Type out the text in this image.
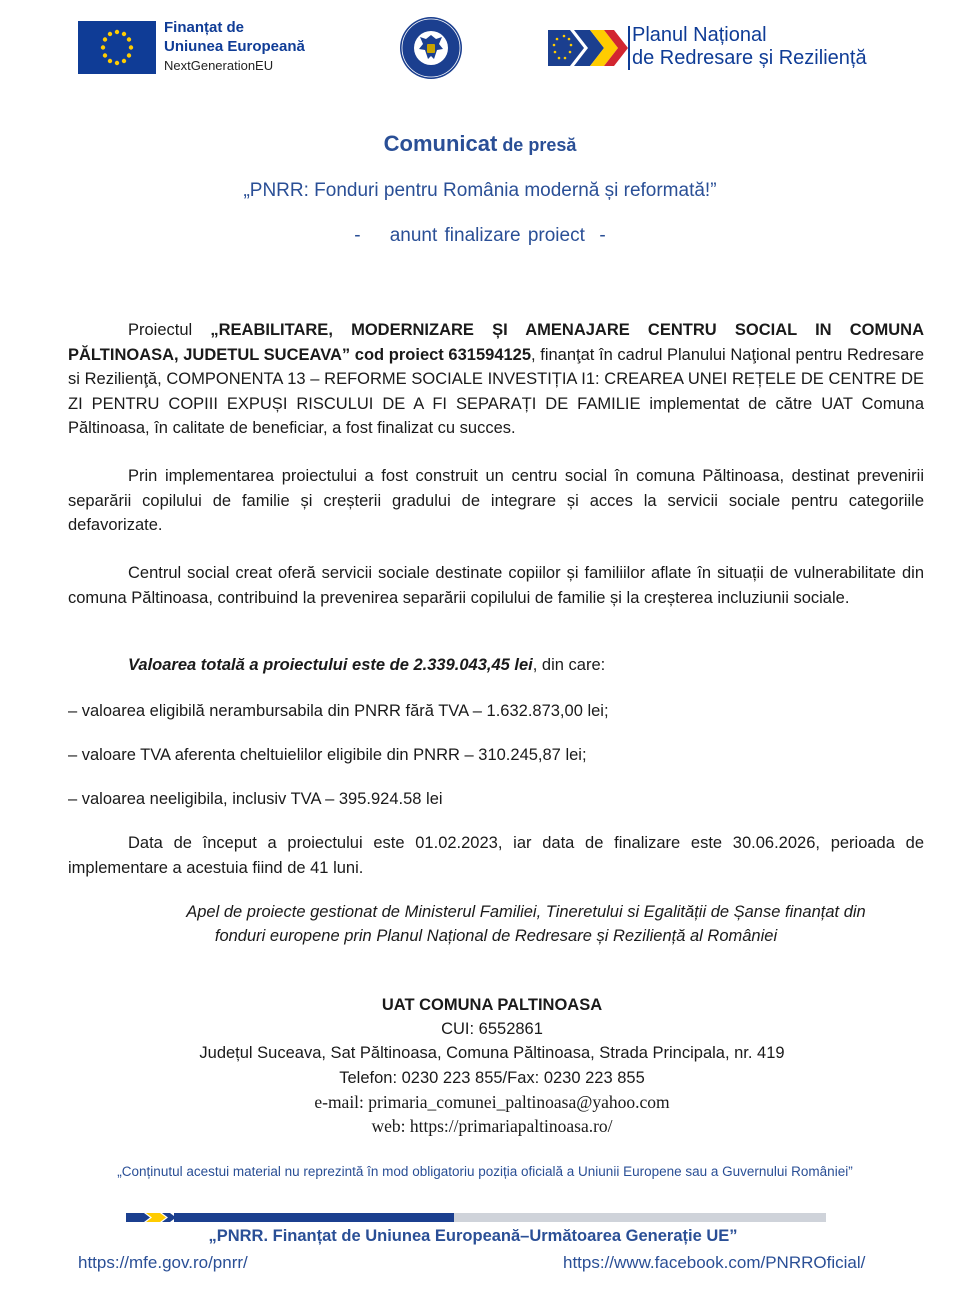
Finanțat de
Uniunea Europeană
NextGenerationEU
Planul Național
de Redresare și Reziliență
Comunicat de presă
„PNRR: Fonduri pentru România modernă și reformată!”
-    anunt finalizare proiect  -
Proiectul „REABILITARE, MODERNIZARE ȘI AMENAJARE CENTRU SOCIAL IN COMUNA PĂLTINOASA, JUDETUL SUCEAVA” cod proiect 631594125, finanţat în cadrul Planului Naţional pentru Redresare si Rezilienţă, COMPONENTA 13 – REFORME SOCIALE INVESTIȚIA I1: CREAREA UNEI REȚELE DE CENTRE DE ZI PENTRU COPIII EXPUȘI RISCULUI DE A FI SEPARAȚI DE FAMILIE implementat de către UAT Comuna Păltinoasa, în calitate de beneficiar, a fost finalizat cu succes.
Prin implementarea proiectului a fost construit un centru social în comuna Păltinoasa, destinat prevenirii separării copilului de familie și creșterii gradului de integrare și acces la servicii sociale pentru categoriile defavorizate.
Centrul social creat oferă servicii sociale destinate copiilor și familiilor aflate în situații de vulnerabilitate din comuna Păltinoasa, contribuind la prevenirea separării copilului de familie și la creșterea incluziunii sociale.
Valoarea totală a proiectului este de 2.339.043,45 lei, din care:
– valoarea eligibilă nerambursabila din PNRR fără TVA – 1.632.873,00 lei;
– valoare TVA aferenta cheltuielilor eligibile din PNRR – 310.245,87 lei;
– valoarea neeligibila, inclusiv TVA – 395.924.58 lei
Data de început a proiectului este 01.02.2023, iar data de finalizare este 30.06.2026, perioada de implementare a acestuia fiind de 41 luni.
Apel de proiecte gestionat de Ministerul Familiei, Tineretului si Egalității de Șanse finanțat din
fonduri europene prin Planul Național de Redresare și Reziliență al României
UAT COMUNA PALTINOASA
CUI: 6552861
Județul Suceava, Sat Păltinoasa, Comuna Păltinoasa, Strada Principala, nr. 419
Telefon: 0230 223 855/Fax: 0230 223 855
e-mail: primaria_comunei_paltinoasa@yahoo.com
web: https://primariapaltinoasa.ro/
„Conținutul acestui material nu reprezintă în mod obligatoriu poziția oficială a Uniunii Europene sau a Guvernului României”
„PNRR. Finanțat de Uniunea Europeană–Următoarea Generație UE”
https://mfe.gov.ro/pnrr/	https://www.facebook.com/PNRROficial/
